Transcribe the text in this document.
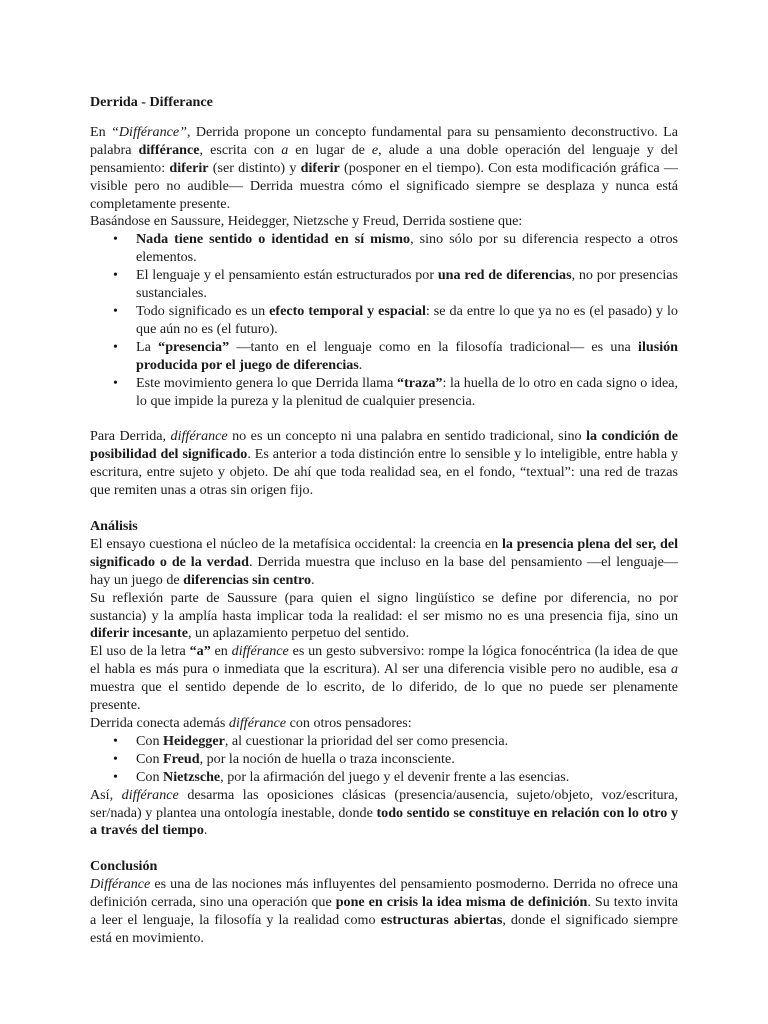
Derrida - Differance

En “Différance”, Derrida propone un concepto fundamental para su pensamiento deconstructivo. La palabra différance, escrita con a en lugar de e, alude a una doble operación del lenguaje y del pensamiento: diferir (ser distinto) y diferir (posponer en el tiempo). Con esta modificación gráfica —visible pero no audible— Derrida muestra cómo el significado siempre se desplaza y nunca está completamente presente.

Basándose en Saussure, Heidegger, Nietzsche y Freud, Derrida sostiene que:

• Nada tiene sentido o identidad en sí mismo, sino sólo por su diferencia respecto a otros elementos.
• El lenguaje y el pensamiento están estructurados por una red de diferencias, no por presencias sustanciales.
• Todo significado es un efecto temporal y espacial: se da entre lo que ya no es (el pasado) y lo que aún no es (el futuro).
• La “presencia” —tanto en el lenguaje como en la filosofía tradicional— es una ilusión producida por el juego de diferencias.
• Este movimiento genera lo que Derrida llama “traza”: la huella de lo otro en cada signo o idea, lo que impide la pureza y la plenitud de cualquier presencia.

Para Derrida, différance no es un concepto ni una palabra en sentido tradicional, sino la condición de posibilidad del significado. Es anterior a toda distinción entre lo sensible y lo inteligible, entre habla y escritura, entre sujeto y objeto. De ahí que toda realidad sea, en el fondo, “textual”: una red de trazas que remiten unas a otras sin origen fijo.

Análisis

El ensayo cuestiona el núcleo de la metafísica occidental: la creencia en la presencia plena del ser, del significado o de la verdad. Derrida muestra que incluso en la base del pensamiento —el lenguaje— hay un juego de diferencias sin centro.

Su reflexión parte de Saussure (para quien el signo lingüístico se define por diferencia, no por sustancia) y la amplía hasta implicar toda la realidad: el ser mismo no es una presencia fija, sino un diferir incesante, un aplazamiento perpetuo del sentido.

El uso de la letra “a” en différance es un gesto subversivo: rompe la lógica fonocéntrica (la idea de que el habla es más pura o inmediata que la escritura). Al ser una diferencia visible pero no audible, esa a muestra que el sentido depende de lo escrito, de lo diferido, de lo que no puede ser plenamente presente.

Derrida conecta además différance con otros pensadores:

• Con Heidegger, al cuestionar la prioridad del ser como presencia.
• Con Freud, por la noción de huella o traza inconsciente.
• Con Nietzsche, por la afirmación del juego y el devenir frente a las esencias.

Así, différance desarma las oposiciones clásicas (presencia/ausencia, sujeto/objeto, voz/escritura, ser/nada) y plantea una ontología inestable, donde todo sentido se constituye en relación con lo otro y a través del tiempo.

Conclusión

Différance es una de las nociones más influyentes del pensamiento posmoderno. Derrida no ofrece una definición cerrada, sino una operación que pone en crisis la idea misma de definición. Su texto invita a leer el lenguaje, la filosofía y la realidad como estructuras abiertas, donde el significado siempre está en movimiento.
